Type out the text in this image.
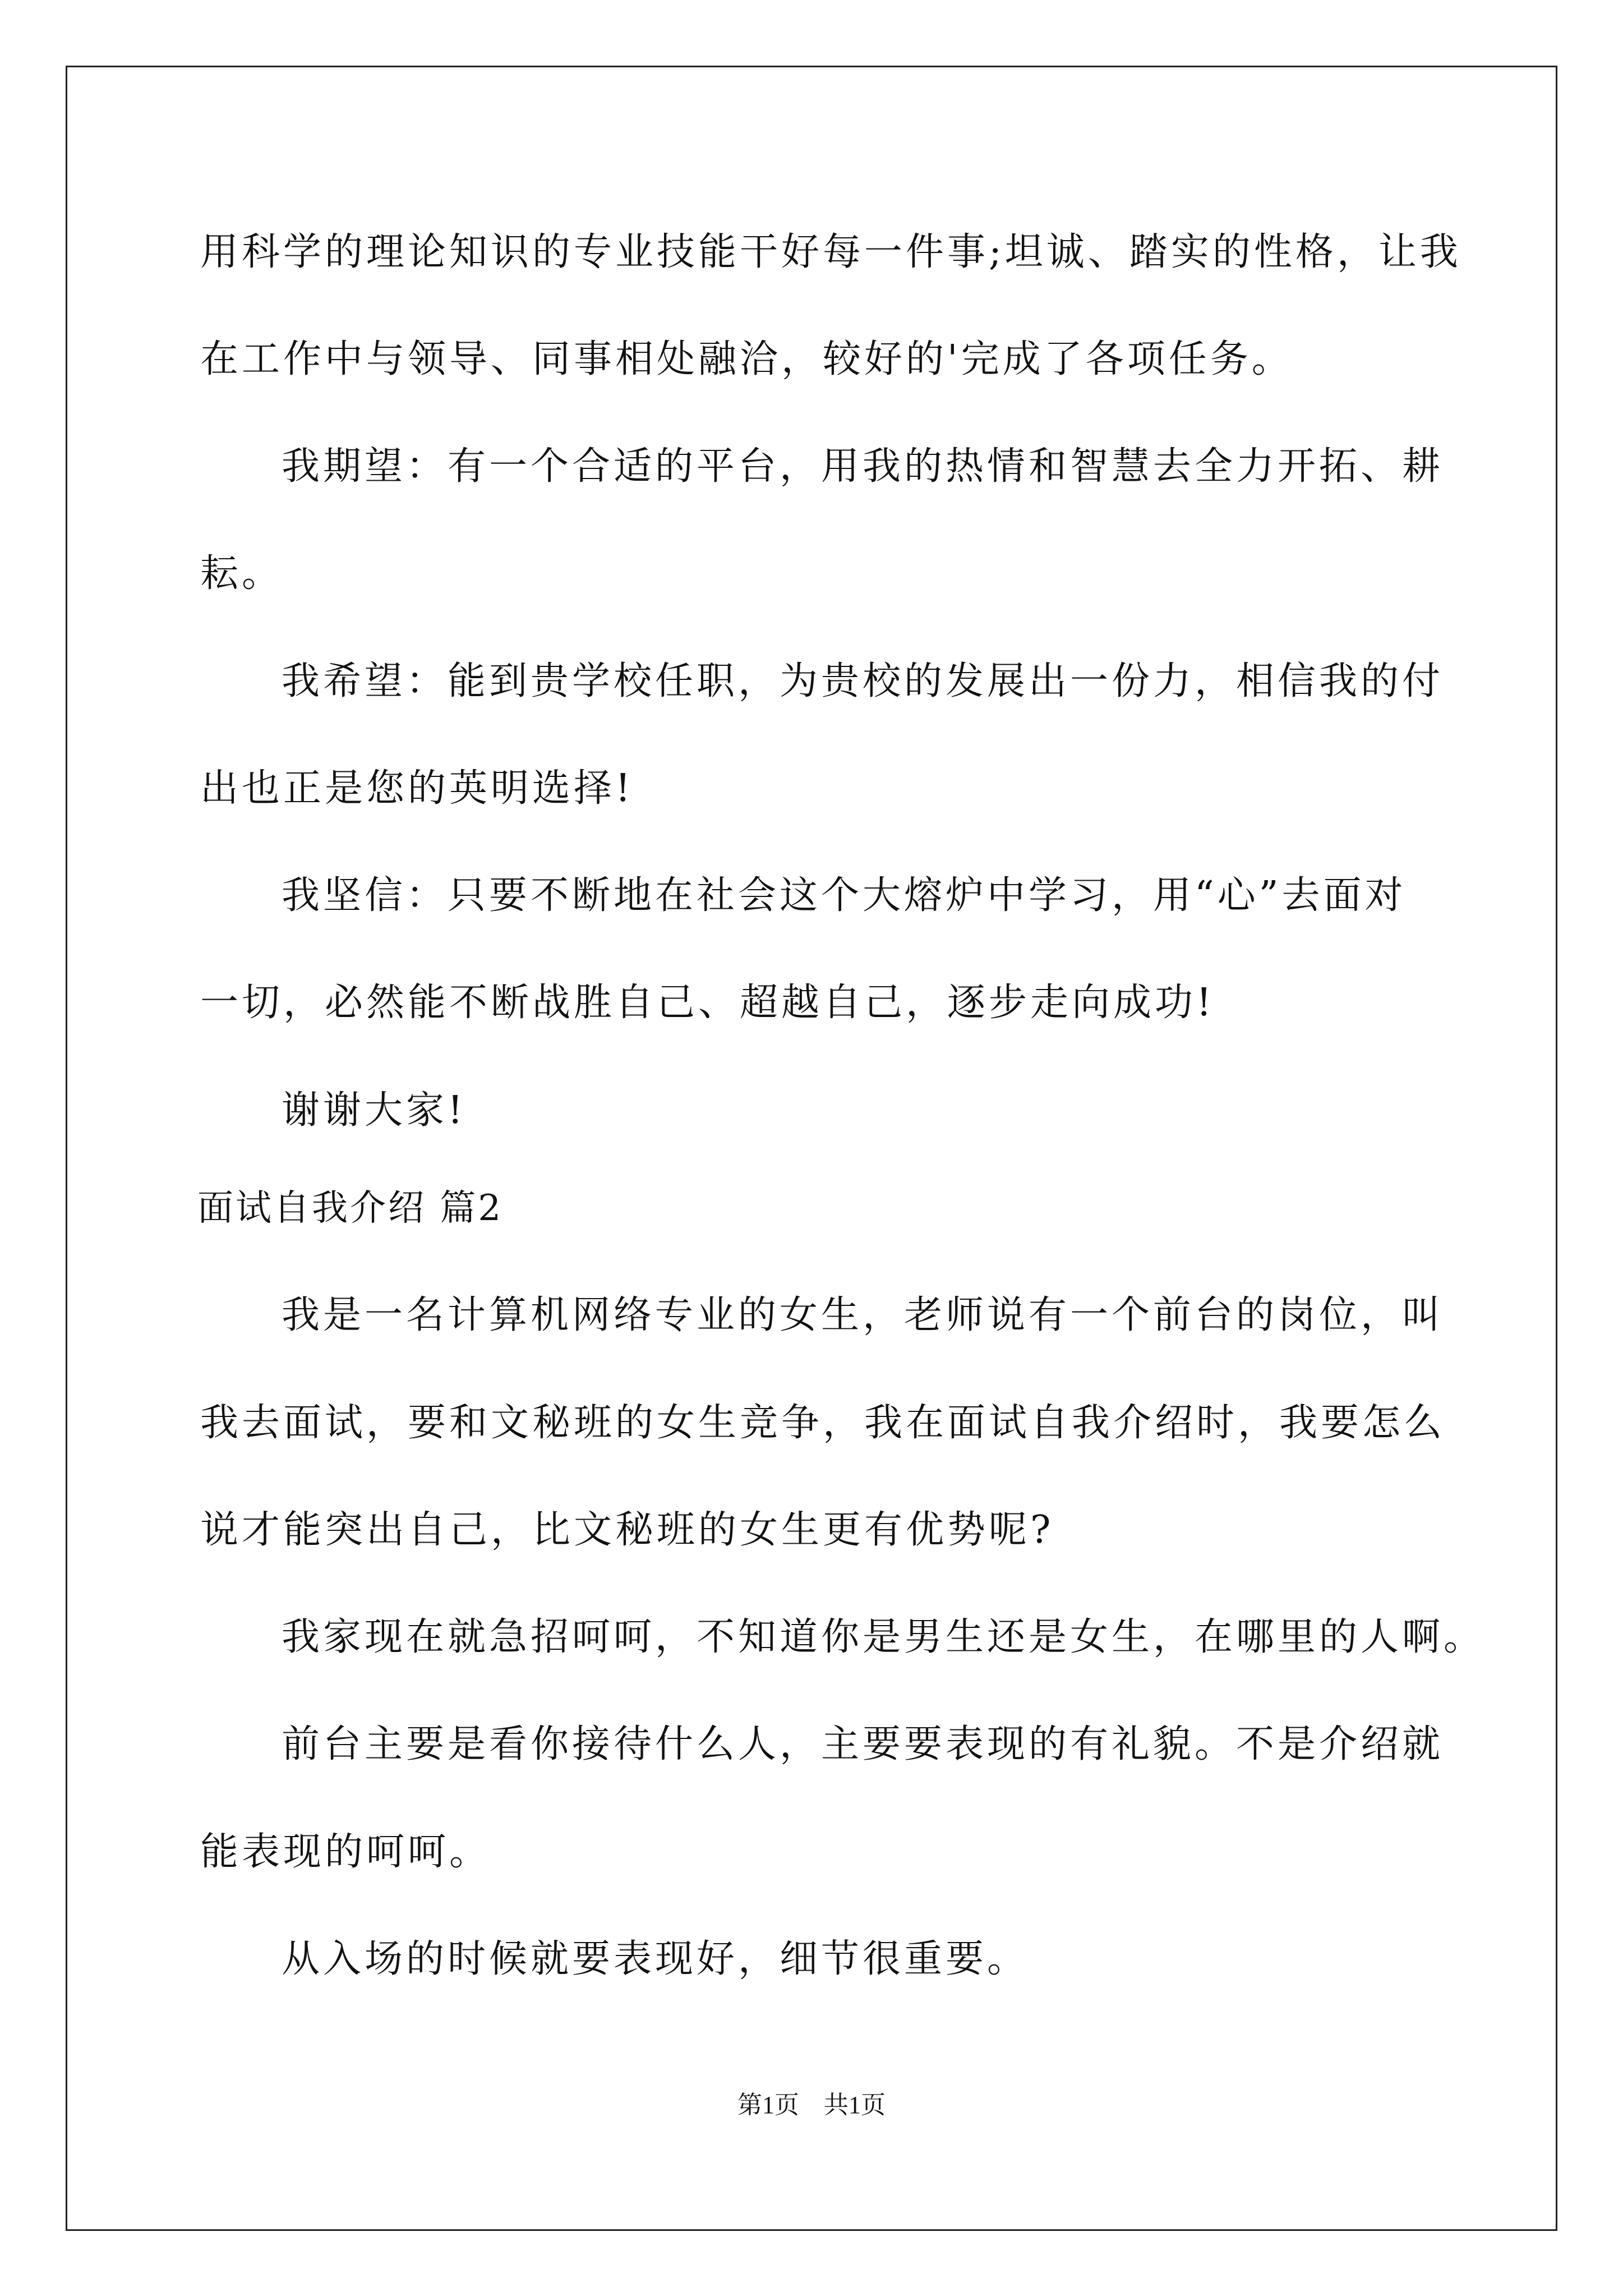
用科学的理论知识的专业技能干好每一件事;坦诚、踏实的性格，让我
在工作中与领导、同事相处融洽，较好的'完成了各项任务。
我期望：有一个合适的平台，用我的热情和智慧去全力开拓、耕
耘。
我希望：能到贵学校任职，为贵校的发展出一份力，相信我的付
出也正是您的英明选择!
我坚信：只要不断地在社会这个大熔炉中学习，用“心”去面对
一切，必然能不断战胜自己、超越自己，逐步走向成功!
谢谢大家!
面试自我介绍 篇2
我是一名计算机网络专业的女生，老师说有一个前台的岗位，叫
我去面试，要和文秘班的女生竞争，我在面试自我介绍时，我要怎么
说才能突出自己，比文秘班的女生更有优势呢?
我家现在就急招呵呵，不知道你是男生还是女生，在哪里的人啊。
前台主要是看你接待什么人，主要要表现的有礼貌。不是介绍就
能表现的呵呵。
从入场的时候就要表现好，细节很重要。
第1页　共1页
